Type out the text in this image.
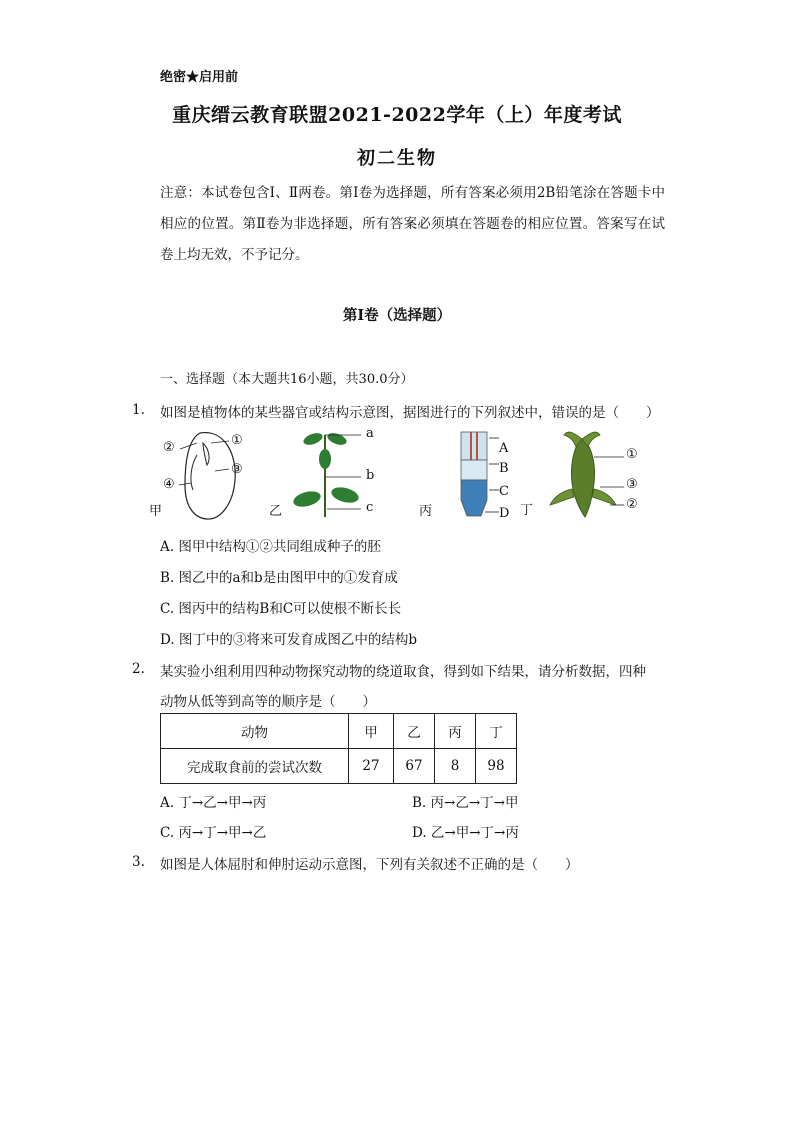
绝密★启用前
重庆缙云教育联盟2021-2022学年（上）年度考试
初二生物
注意：本试卷包含Ⅰ、Ⅱ两卷。第Ⅰ卷为选择题，所有答案必须用2B铅笔涂在答题卡中相应的位置。第Ⅱ卷为非选择题，所有答案必须填在答题卷的相应位置。答案写在试卷上均无效，不予记分。
第Ⅰ卷（选择题）
一、选择题（本大题共16小题，共30.0分）
1. 如图是植物体的某些器官或结构示意图，据图进行的下列叙述中，错误的是（　　）
②	①
③
④
甲
a
b
c
乙
A
B
C
D
丙
①
③
②
丁
A. 图甲中结构①②共同组成种子的胚
B. 图乙中的a和b是由图甲中的①发育成
C. 图丙中的结构B和C可以使根不断长长
D. 图丁中的③将来可发育成图乙中的结构b
2. 某实验小组利用四种动物探究动物的绕道取食，得到如下结果，请分析数据，四种
动物从低等到高等的顺序是（　　）
动物	甲	乙	丙	丁
完成取食前的尝试次数	27	67	8	98
A. 丁→乙→甲→丙	B. 丙→乙→丁→甲
C. 丙→丁→甲→乙	D. 乙→甲→丁→丙
3. 如图是人体屈肘和伸肘运动示意图，下列有关叙述不正确的是（　　）
